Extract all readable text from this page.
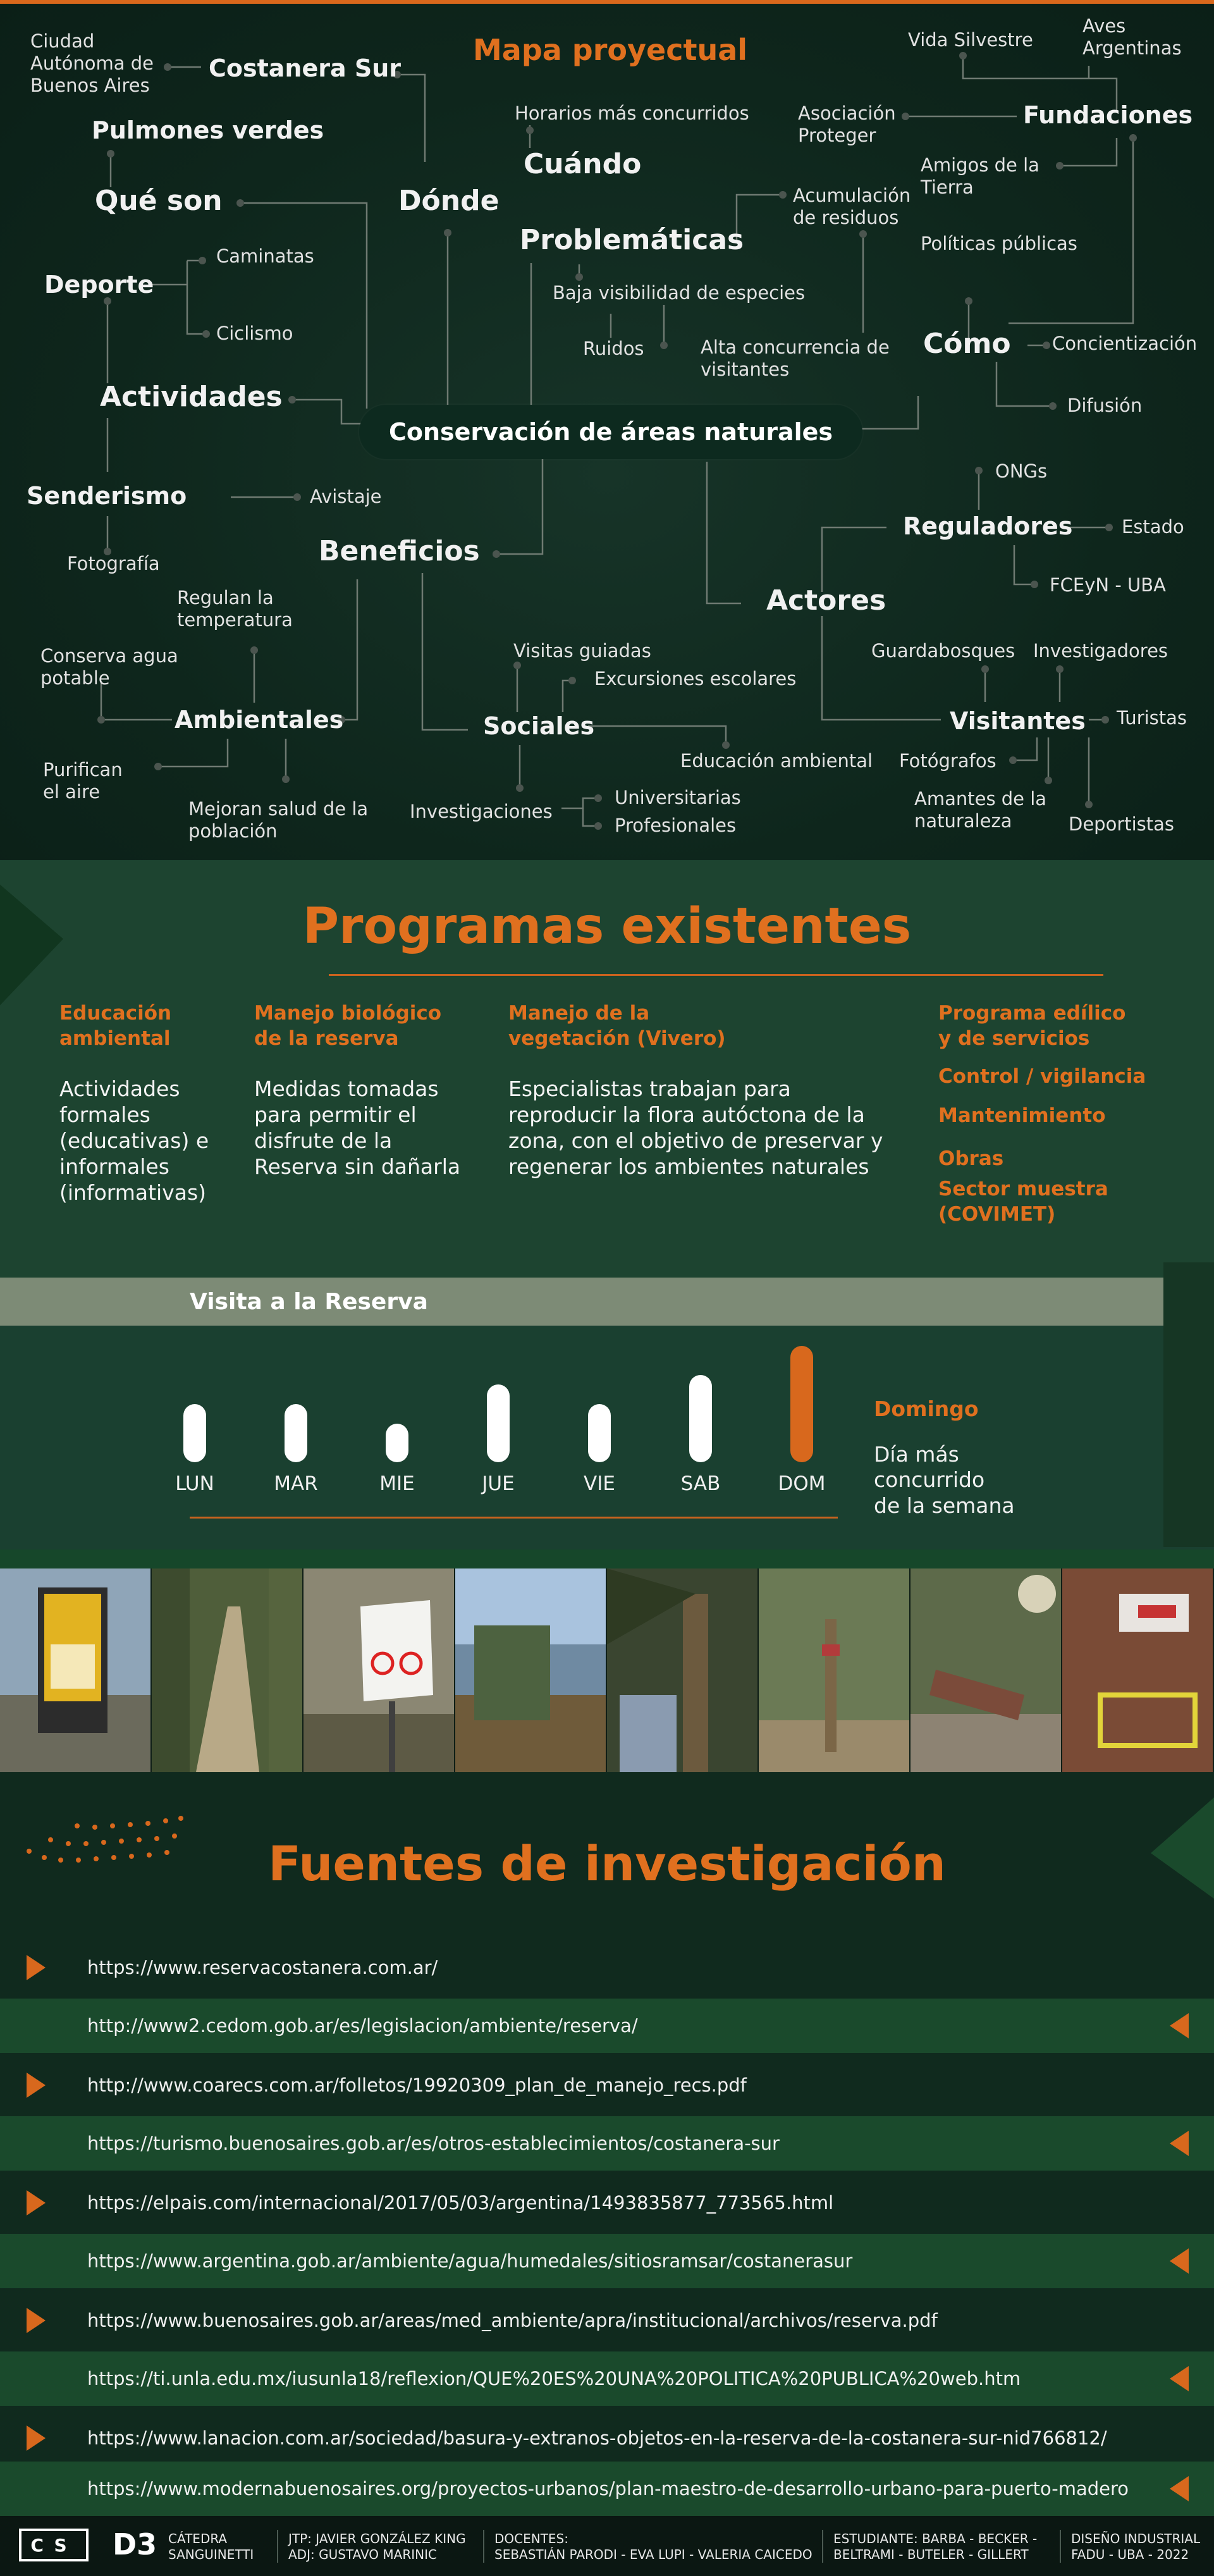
Mapa proyectual
Ciudad
Autónoma de
Buenos Aires
Costanera Sur
Pulmones verdes
Qué son	Dónde
Horarios más concurridos
Cuándo
Problemáticas
Acumulación
de residuos
Baja visibilidad de especies
Ruidos	Alta concurrencia de
visitantes
Vida Silvestre
Aves
Argentinas
Asociación
Proteger
Fundaciones
Amigos de la
Tierra
Políticas públicas
Cómo Concientización
Difusión
Deporte
Caminatas
Ciclismo
Actividades
Conservación de áreas naturales
Senderismo	Avistaje
Fotografía	Beneficios
Regulan la
temperatura
Conserva agua
potable
Ambientales
Purifican
el aire
Mejoran salud de la
población
Visitas guiadas
Excursiones escolares
Sociales
Educación ambiental
Investigaciones
Universitarias
Profesionales
ONGs
Reguladores	Estado
FCEyN - UBA
Actores
Guardabosques Investigadores
Visitantes Turistas
Fotógrafos
Amantes de la
naturaleza	Deportistas
Programas existentes
Educación
ambiental
Actividades
formales
(educativas) e
informales
(informativas)
Manejo biológico
de la reserva
Medidas tomadas
para permitir el
disfrute de la
Reserva sin dañarla
Manejo de la
vegetación (Vivero)
Especialistas trabajan para
reproducir la flora autóctona de la
zona, con el objetivo de preservar y
regenerar los ambientes naturales
Programa edílico
y de servicios
Control / vigilancia
Mantenimiento
Obras
Sector muestra
(COVIMET)
Visita a la Reserva
LUN	MAR	MIE	JUE	VIE	SAB	DOM
Domingo
Día más
concurrido
de la semana
Fuentes de investigación
https://www.reservacostanera.com.ar/
http://www2.cedom.gob.ar/es/legislacion/ambiente/reserva/
http://www.coarecs.com.ar/folletos/19920309_plan_de_manejo_recs.pdf
https://turismo.buenosaires.gob.ar/es/otros-establecimientos/costanera-sur
https://elpais.com/internacional/2017/05/03/argentina/1493835877_773565.html
https://www.argentina.gob.ar/ambiente/agua/humedales/sitiosramsar/costanerasur
https://www.buenosaires.gob.ar/areas/med_ambiente/apra/institucional/archivos/reserva.pdf
https://ti.unla.edu.mx/iusunla18/reflexion/QUE%20ES%20UNA%20POLITICA%20PUBLICA%20web.htm
https://www.lanacion.com.ar/sociedad/basura-y-extranos-objetos-en-la-reserva-de-la-costanera-sur-nid766812/
https://www.modernabuenosaires.org/proyectos-urbanos/plan-maestro-de-desarrollo-urbano-para-puerto-madero
CS	D3 CÁTEDRA
SANGUINETTI
JTP: JAVIER GONZÁLEZ KING
ADJ: GUSTAVO MARINIC
DOCENTES:
SEBASTIÁN PARODI - EVA LUPI - VALERIA CAICEDO
ESTUDIANTE: BARBA - BECKER -
BELTRAMI - BUTELER - GILLERT
DISEÑO INDUSTRIAL
FADU - UBA - 2022
